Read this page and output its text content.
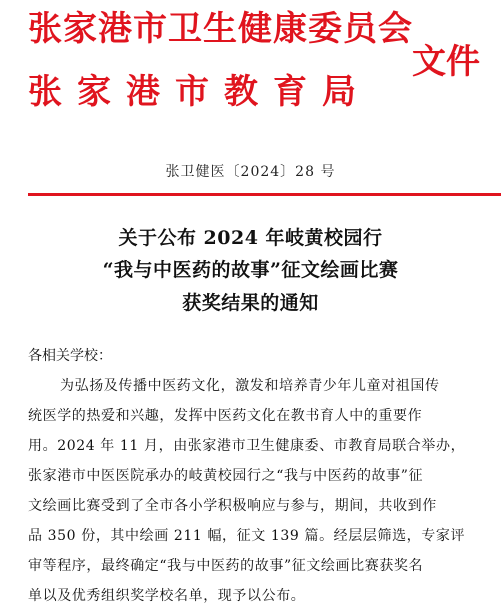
张家港市卫生健康委员会
张家港市教育局
文件
张卫健医〔2024〕28 号
关于公布 2024 年岐黄校园行
“我与中医药的故事”征文绘画比赛
获奖结果的通知
各相关学校：
为弘扬及传播中医药文化，激发和培养青少年儿童对祖国传
统医学的热爱和兴趣，发挥中医药文化在教书育人中的重要作
用。2024 年 11 月，由张家港市卫生健康委、市教育局联合举办，
张家港市中医医院承办的岐黄校园行之“我与中医药的故事”征
文绘画比赛受到了全市各小学积极响应与参与，期间，共收到作
品 350 份，其中绘画 211 幅，征文 139 篇。经层层筛选，专家评
审等程序，最终确定“我与中医药的故事”征文绘画比赛获奖名
单以及优秀组织奖学校名单，现予以公布。
